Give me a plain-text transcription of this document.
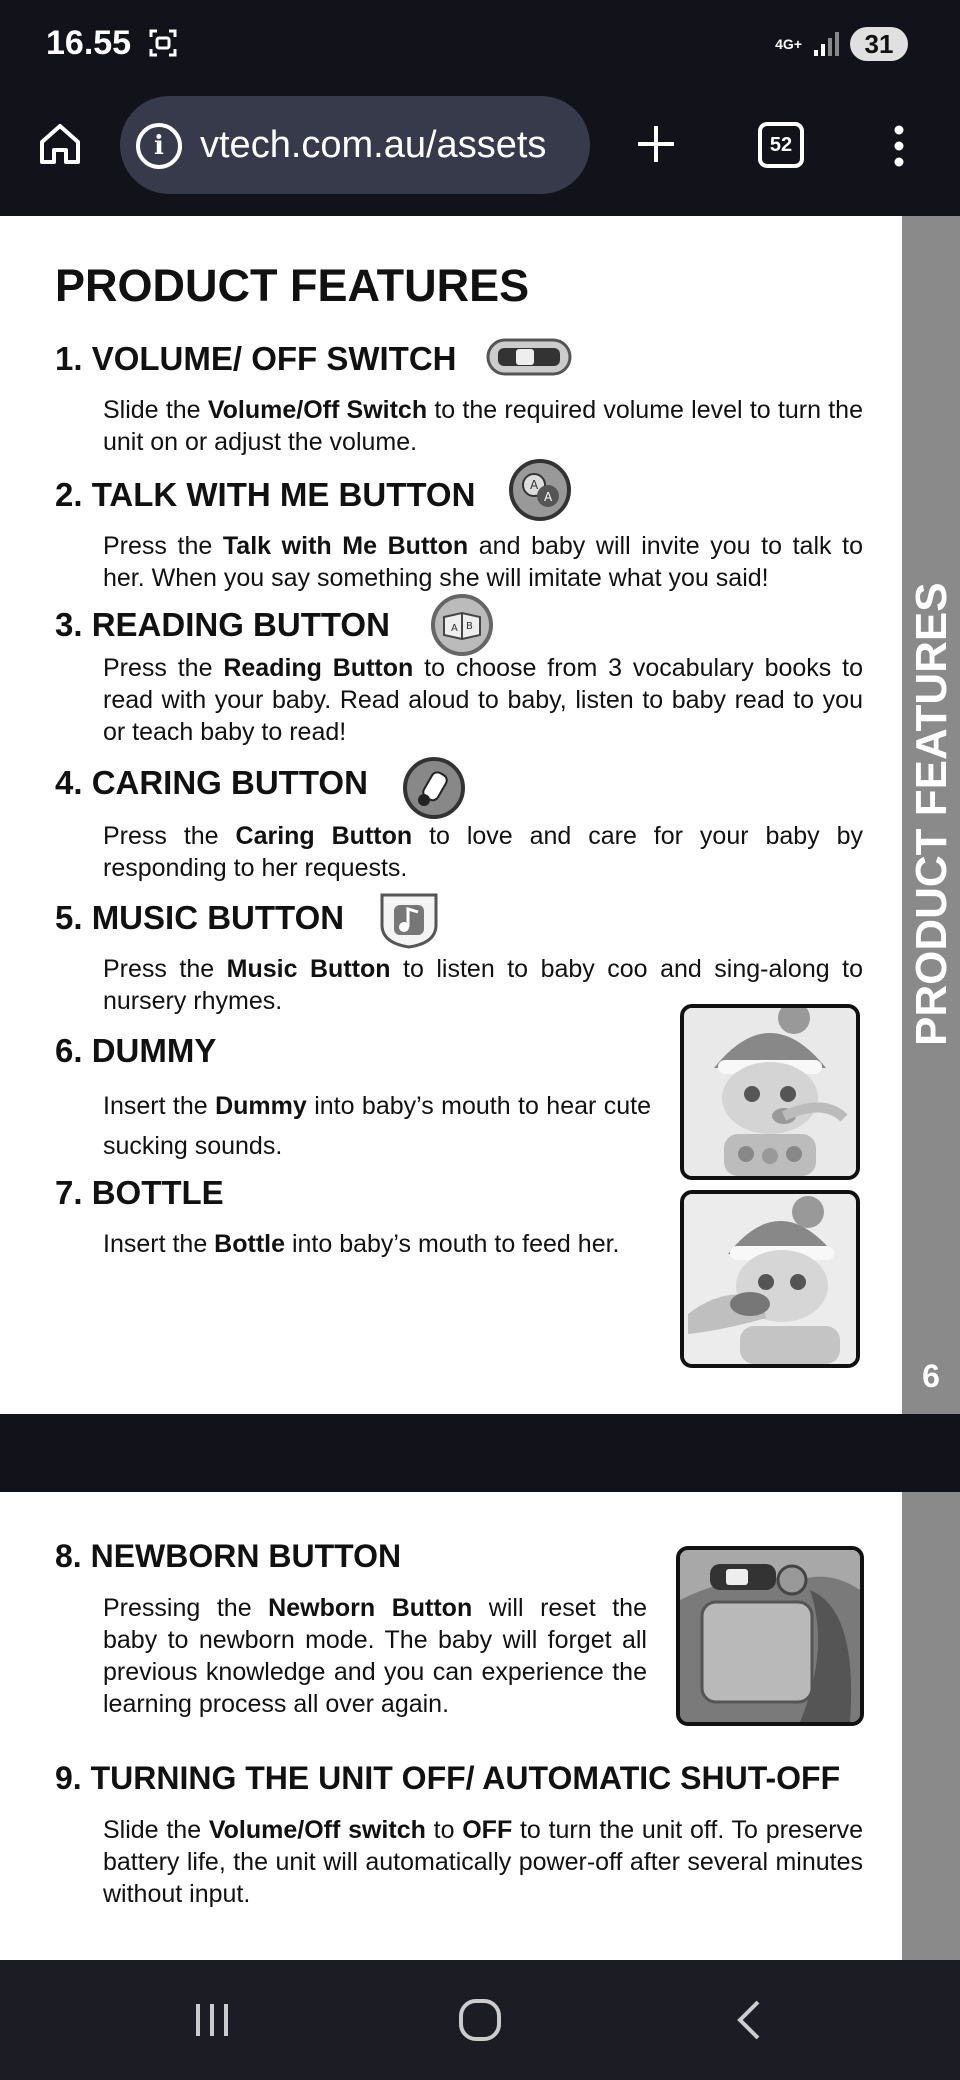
16.55	4G+	31
i vtech.com.au/assets	52
PRODUCT FEATURES
6
PRODUCT FEATURES
1. VOLUME/ OFF SWITCH
Slide the Volume/Off Switch to the required volume level to turn the unit on or adjust the volume.
2. TALK WITH ME BUTTON	A
A
Press the Talk with Me Button and baby will invite you to talk to her. When you say something she will imitate what you said!
3. READING BUTTON	A B
Press the Reading Button to choose from 3 vocabulary books to read with your baby. Read aloud to baby, listen to baby read to you or teach baby to read!
4. CARING BUTTON
Press the Caring Button to love and care for your baby by responding to her requests.
5. MUSIC BUTTON
Press the Music Button to listen to baby coo and sing-along to nursery rhymes.
6. DUMMY
Insert the Dummy into baby’s mouth to hear cute sucking sounds.
7. BOTTLE
Insert the Bottle into baby’s mouth to feed her.
8. NEWBORN BUTTON
Pressing the Newborn Button will reset the baby to newborn mode. The baby will forget all previous knowledge and you can experience the learning process all over again.
9. TURNING THE UNIT OFF/ AUTOMATIC SHUT-OFF
Slide the Volume/Off switch to OFF to turn the unit off. To preserve battery life, the unit will automatically power-off after several minutes without input.
